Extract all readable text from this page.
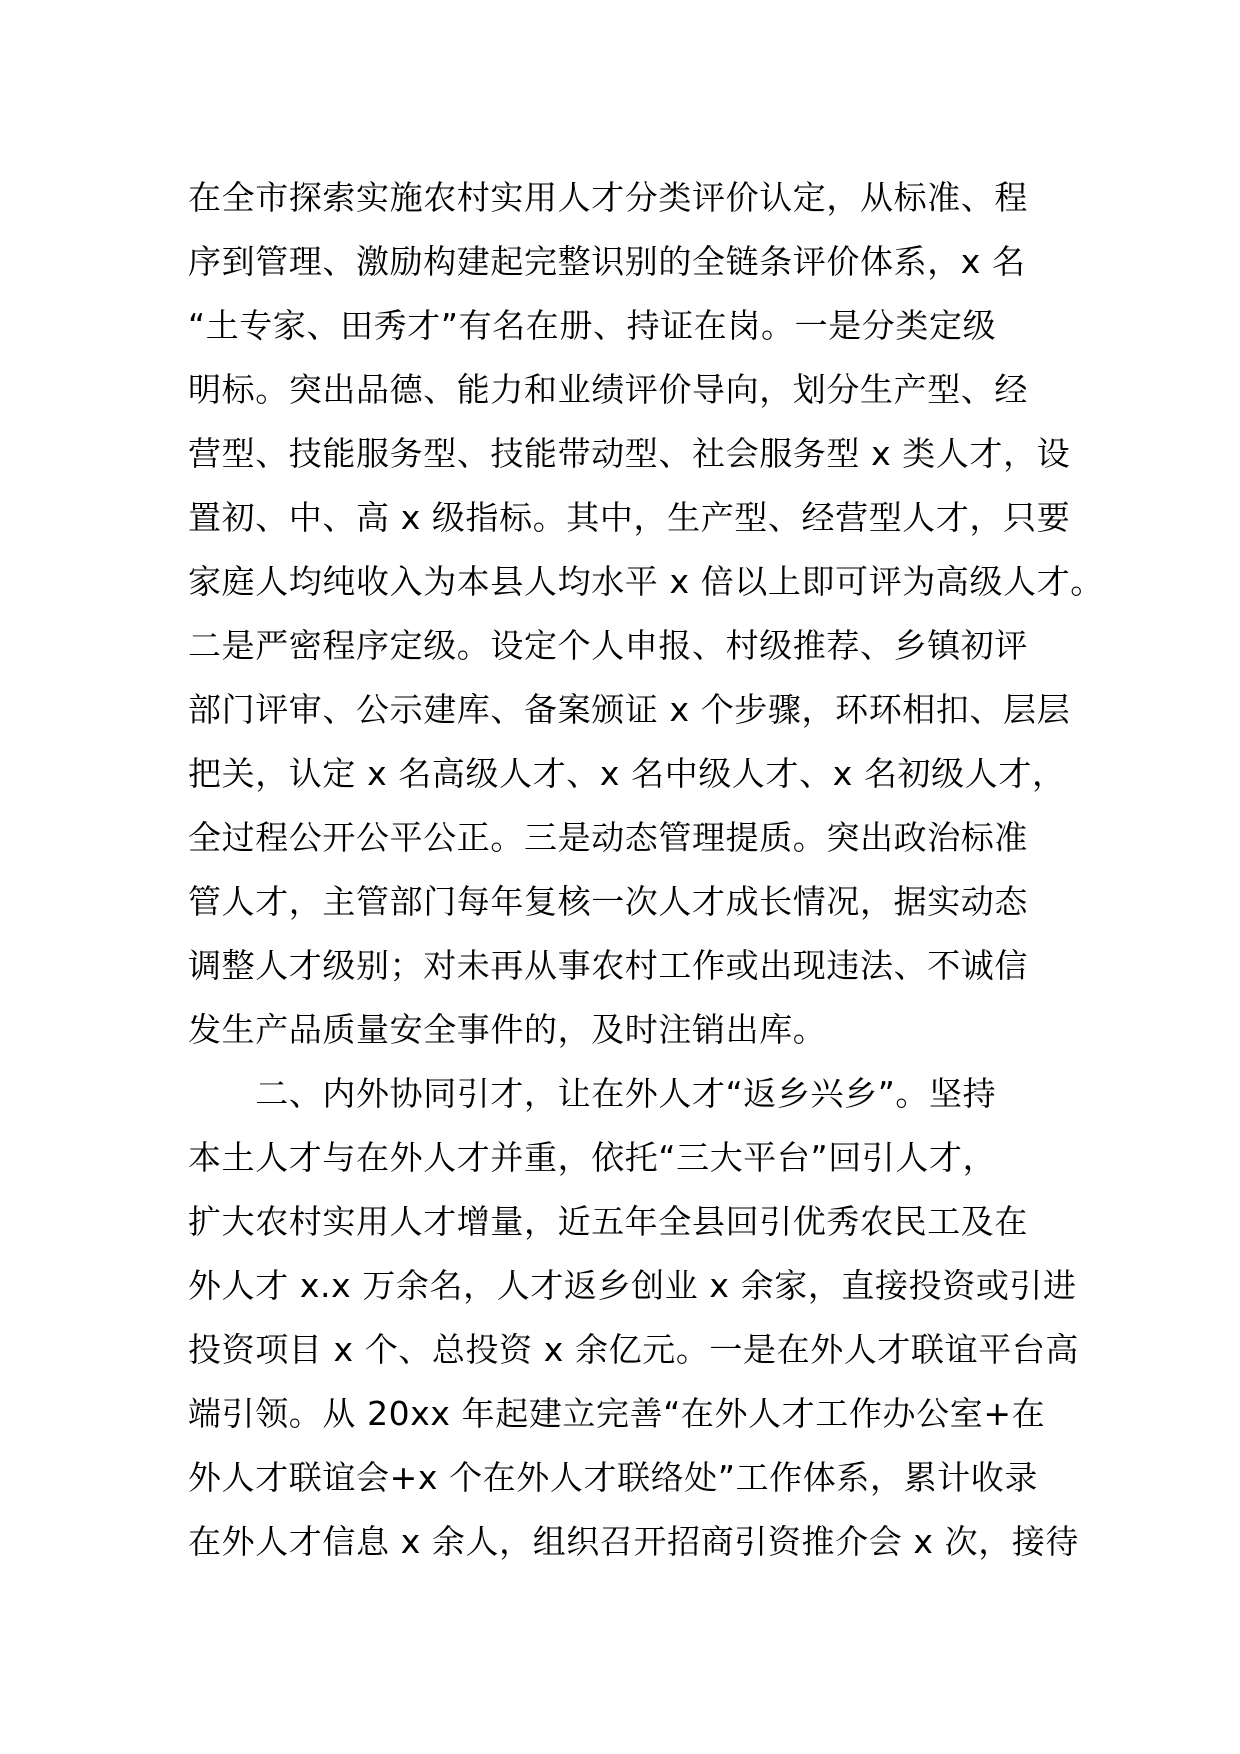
在全市探索实施农村实用人才分类评价认定，从标准、程

序到管理、激励构建起完整识别的全链条评价体系，x 名

“土专家、田秀才”有名在册、持证在岗。一是分类定级

明标。突出品德、能力和业绩评价导向，划分生产型、经

营型、技能服务型、技能带动型、社会服务型 x 类人才，设

置初、中、高 x 级指标。其中，生产型、经营型人才，只要

家庭人均纯收入为本县人均水平 x 倍以上即可评为高级人才。

二是严密程序定级。设定个人申报、村级推荐、乡镇初评

部门评审、公示建库、备案颁证 x 个步骤，环环相扣、层层

把关，认定 x 名高级人才、x 名中级人才、x 名初级人才，

全过程公开公平公正。三是动态管理提质。突出政治标准

管人才，主管部门每年复核一次人才成长情况，据实动态

调整人才级别；对未再从事农村工作或出现违法、不诚信

发生产品质量安全事件的，及时注销出库。

　　二、内外协同引才，让在外人才“返乡兴乡”。坚持

本土人才与在外人才并重，依托“三大平台”回引人才，

扩大农村实用人才增量，近五年全县回引优秀农民工及在

外人才 x.x 万余名，人才返乡创业 x 余家，直接投资或引进

投资项目 x 个、总投资 x 余亿元。一是在外人才联谊平台高

端引领。从 20xx 年起建立完善“在外人才工作办公室+在

外人才联谊会+x 个在外人才联络处”工作体系，累计收录

在外人才信息 x 余人，组织召开招商引资推介会 x 次，接待
